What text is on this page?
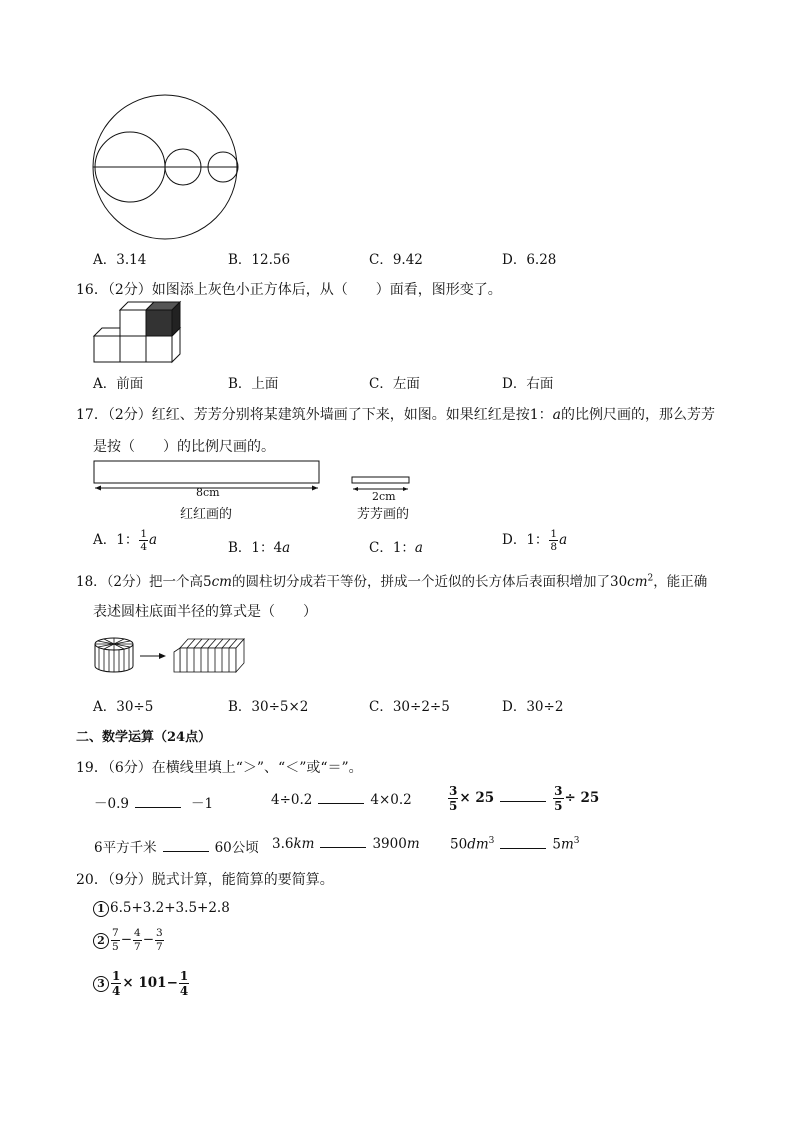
A．3.14	B．12.56	C．9.42	D．6.28
16．（2分）如图添上灰色小正方体后，从（　　）面看，图形变了。
A．前面	B．上面	C．左面	D．右面
17．（2分）红红、芳芳分别将某建筑外墙画了下来，如图。如果红红是按1：a的比例尺画的，那么芳芳
是按（　　）的比例尺画的。
8cm
红红画的
2cm
芳芳画的
A．1： $\frac{1}{4}$ a	B．1：4a	C．1：a	D．1： $\frac{1}{8}$ a
18．（2分）把一个高5cm的圆柱切分成若干等份，拼成一个近似的长方体后表面积增加了$30cm^2$，能正确
表述圆柱底面半径的算式是（　　）
A．30÷5	B．30÷5×2	C．30÷2÷5	D．30÷2
二、数学运算（24点）
19．（6分）在横线里填上“＞”、“＜”或“＝”。
－0.9	－1	4÷0.2	4×0.2	$\frac{3}{5} \times 25$	$\frac{3}{5} \div 25$
6平方千米	60公顷 3.6km	3900m $50dm^3$	$5m^3$
20．（9分）脱式计算，能简算的要简算。
1 6.5+3.2+3.5+2.8
$2 \frac{7}{5} - \frac{4}{7} - \frac{3}{7}$
$3 \frac{1}{4} \times 101- \frac{1}{4}$
